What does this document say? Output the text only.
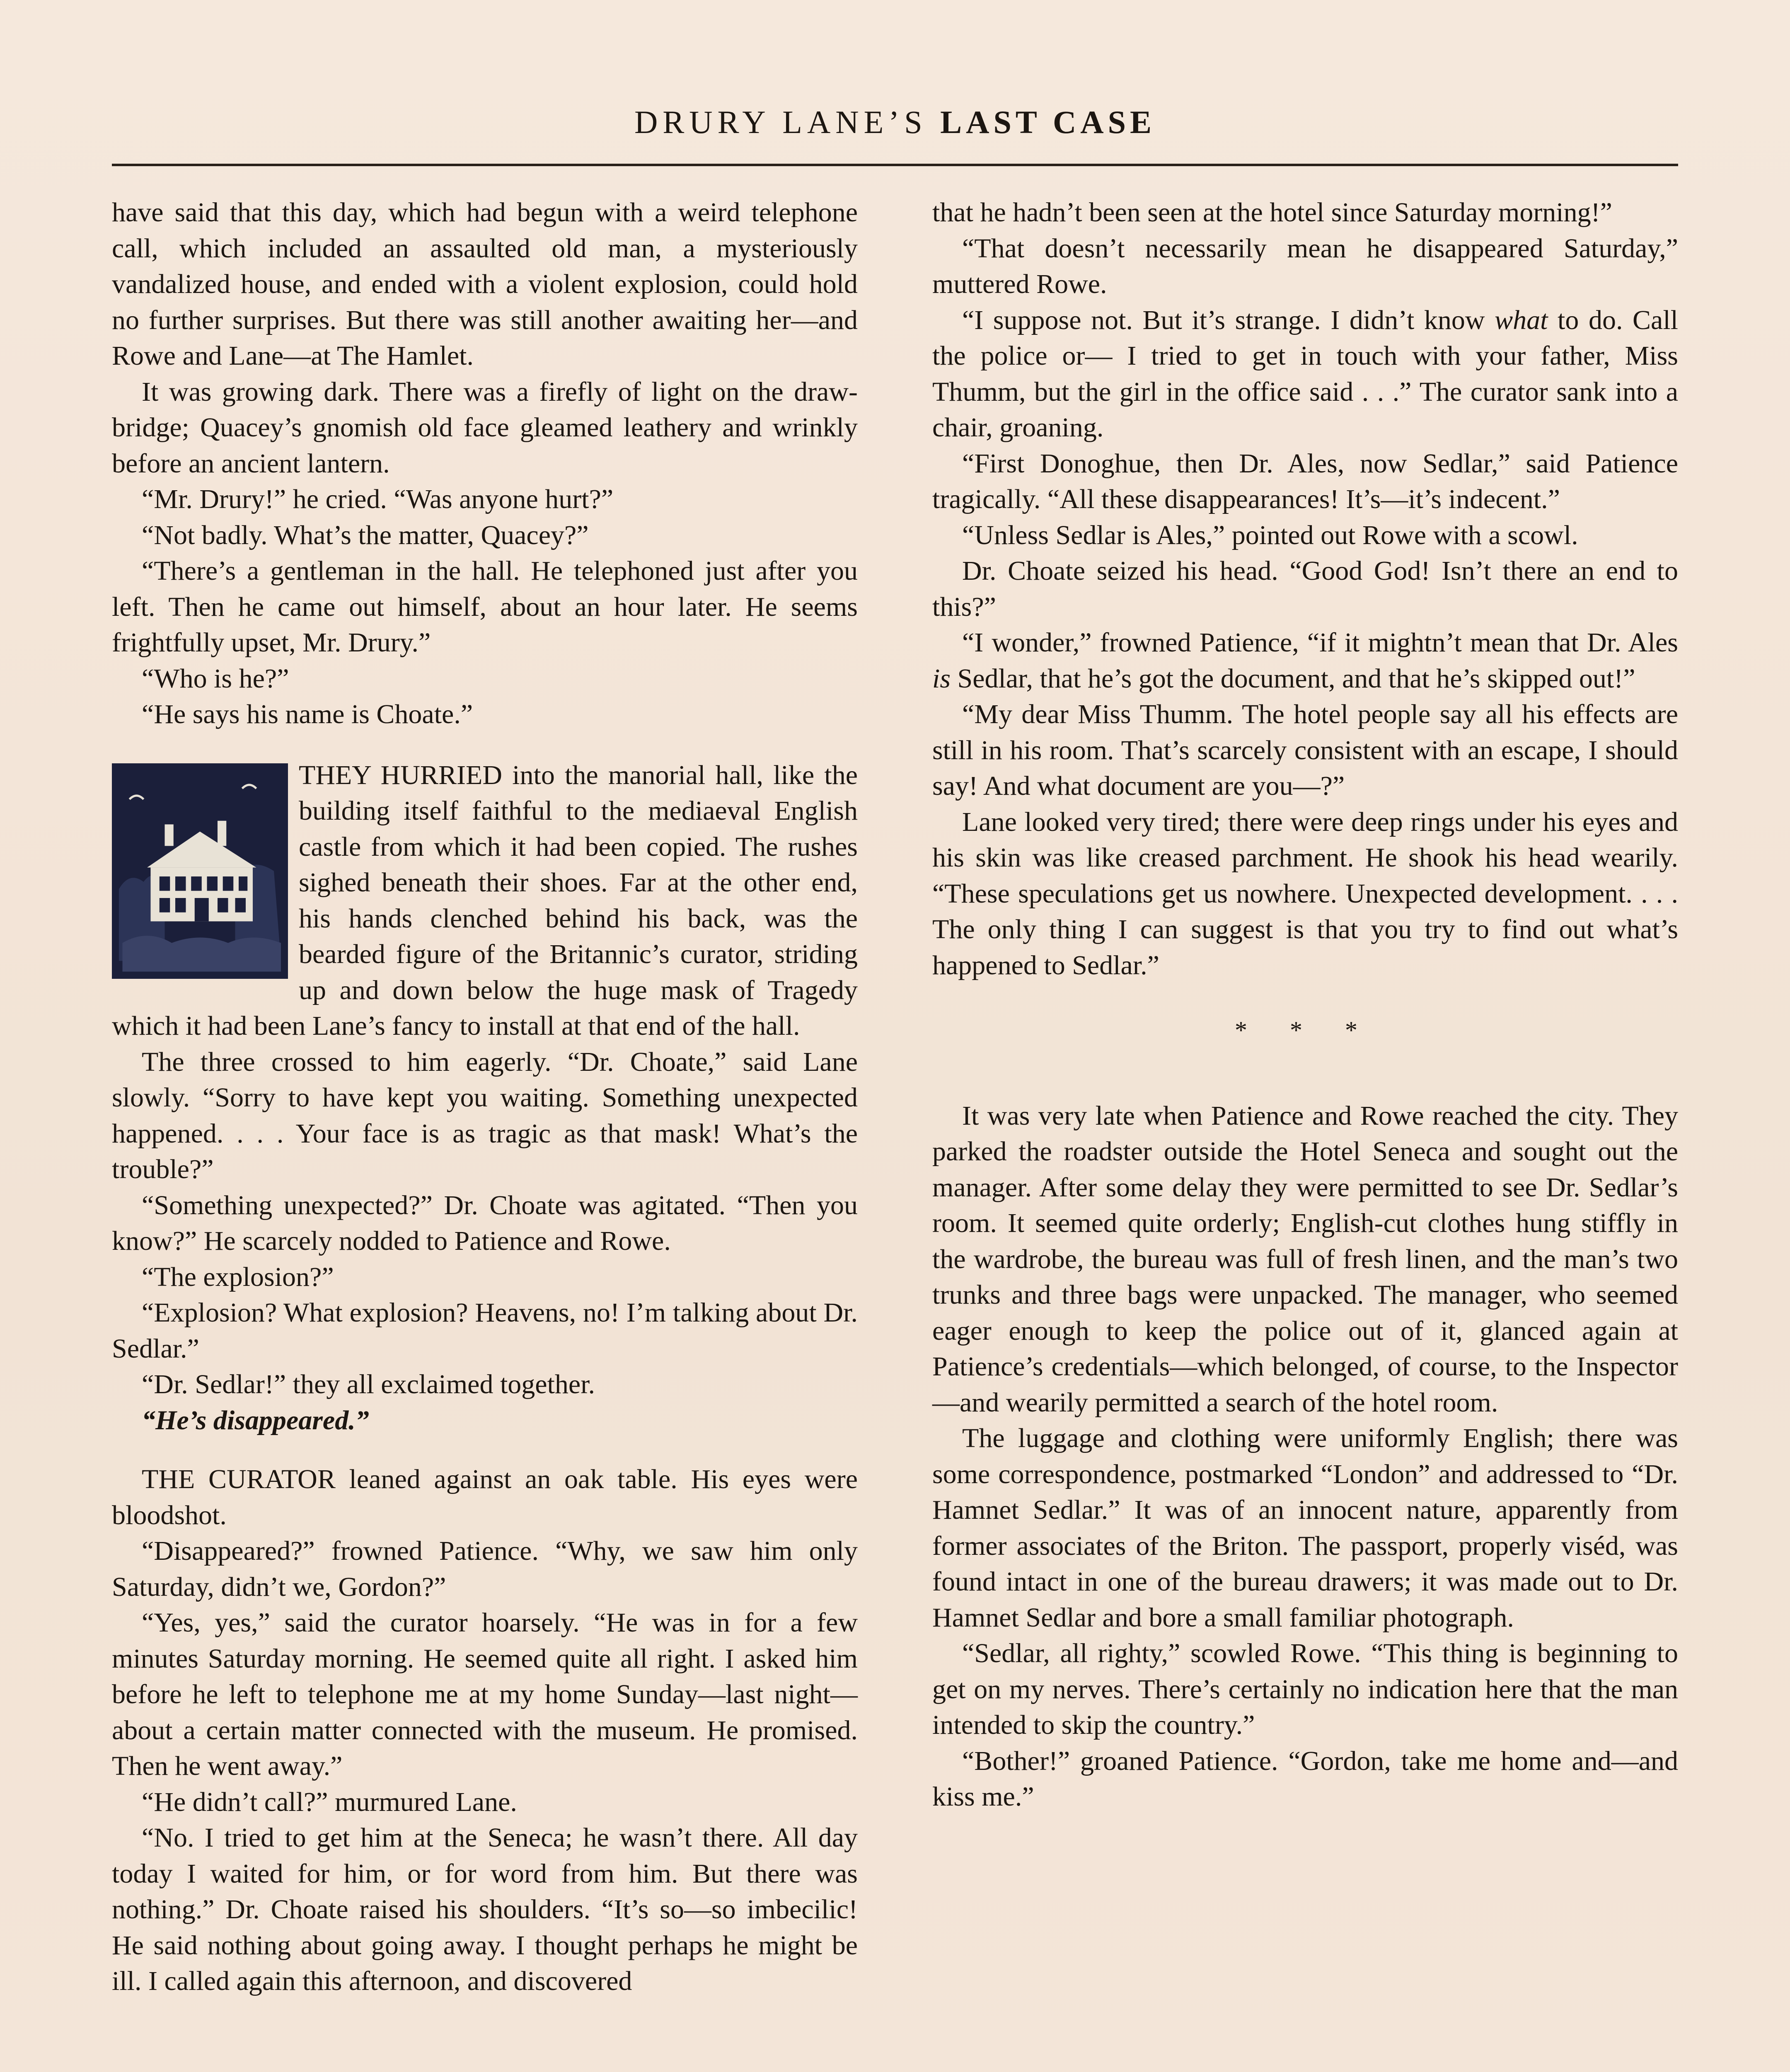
DRURY LANE’S LAST CASE

have said that this day, which had begun with a weird telephone call, which included an assaulted old man, a mysteriously vandalized house, and ended with a violent explosion, could hold no further surprises. But there was still another awaiting her—and Rowe and Lane—at The Hamlet.

It was growing dark. There was a firefly of light on the draw-bridge; Quacey’s gnomish old face gleamed leathery and wrinkly before an ancient lantern.

“Mr. Drury!” he cried. “Was anyone hurt?”

“Not badly. What’s the matter, Quacey?”

“There’s a gentleman in the hall. He telephoned just after you left. Then he came out himself, about an hour later. He seems frightfully upset, Mr. Drury.”

“Who is he?”

“He says his name is Choate.”

THEY HURRIED into the manorial hall, like the building itself faithful to the mediaeval English castle from which it had been copied. The rushes sighed beneath their shoes. Far at the other end, his hands clenched behind his back, was the bearded figure of the Britannic’s curator, striding up and down below the huge mask of Tragedy which it had been Lane’s fancy to install at that end of the hall.

The three crossed to him eagerly. “Dr. Choate,” said Lane slowly. “Sorry to have kept you waiting. Something unexpected happened. . . . Your face is as tragic as that mask! What’s the trouble?”

“Something unexpected?” Dr. Choate was agitated. “Then you know?” He scarcely nodded to Patience and Rowe.

“The explosion?”

“Explosion? What explosion? Heavens, no! I’m talking about Dr. Sedlar.”

“Dr. Sedlar!” they all exclaimed together.

“He’s disappeared.”

THE CURATOR leaned against an oak table. His eyes were bloodshot.

“Disappeared?” frowned Patience. “Why, we saw him only Saturday, didn’t we, Gordon?”

“Yes, yes,” said the curator hoarsely. “He was in for a few minutes Saturday morning. He seemed quite all right. I asked him before he left to telephone me at my home Sunday—last night—about a certain matter connected with the museum. He promised. Then he went away.”

“He didn’t call?” murmured Lane.

“No. I tried to get him at the Seneca; he wasn’t there. All day today I waited for him, or for word from him. But there was nothing.” Dr. Choate raised his shoulders. “It’s so—so imbecilic! He said nothing about going away. I thought perhaps he might be ill. I called again this afternoon, and discovered

that he hadn’t been seen at the hotel since Saturday morning!”

“That doesn’t necessarily mean he disappeared Saturday,” muttered Rowe.

“I suppose not. But it’s strange. I didn’t know what to do. Call the police or— I tried to get in touch with your father, Miss Thumm, but the girl in the office said . . .” The curator sank into a chair, groaning.

“First Donoghue, then Dr. Ales, now Sedlar,” said Patience tragically. “All these disappearances! It’s—it’s indecent.”

“Unless Sedlar is Ales,” pointed out Rowe with a scowl.

Dr. Choate seized his head. “Good God! Isn’t there an end to this?”

“I wonder,” frowned Patience, “if it mightn’t mean that Dr. Ales is Sedlar, that he’s got the document, and that he’s skipped out!”

“My dear Miss Thumm. The hotel people say all his effects are still in his room. That’s scarcely consistent with an escape, I should say! And what document are you—?”

Lane looked very tired; there were deep rings under his eyes and his skin was like creased parchment. He shook his head wearily. “These speculations get us nowhere. Unexpected development. . . . The only thing I can suggest is that you try to find out what’s happened to Sedlar.”

* * *

It was very late when Patience and Rowe reached the city. They parked the roadster outside the Hotel Seneca and sought out the manager. After some delay they were permitted to see Dr. Sedlar’s room. It seemed quite orderly; English-cut clothes hung stiffly in the wardrobe, the bureau was full of fresh linen, and the man’s two trunks and three bags were unpacked. The manager, who seemed eager enough to keep the police out of it, glanced again at Patience’s credentials—which belonged, of course, to the Inspector—and wearily permitted a search of the hotel room.

The luggage and clothing were uniformly English; there was some correspondence, postmarked “London” and addressed to “Dr. Hamnet Sedlar.” It was of an innocent nature, apparently from former associates of the Briton. The passport, properly viséd, was found intact in one of the bureau drawers; it was made out to Dr. Hamnet Sedlar and bore a small familiar photograph.

“Sedlar, all righty,” scowled Rowe. “This thing is beginning to get on my nerves. There’s certainly no indication here that the man intended to skip the country.”

“Bother!” groaned Patience. “Gordon, take me home and—and kiss me.”
